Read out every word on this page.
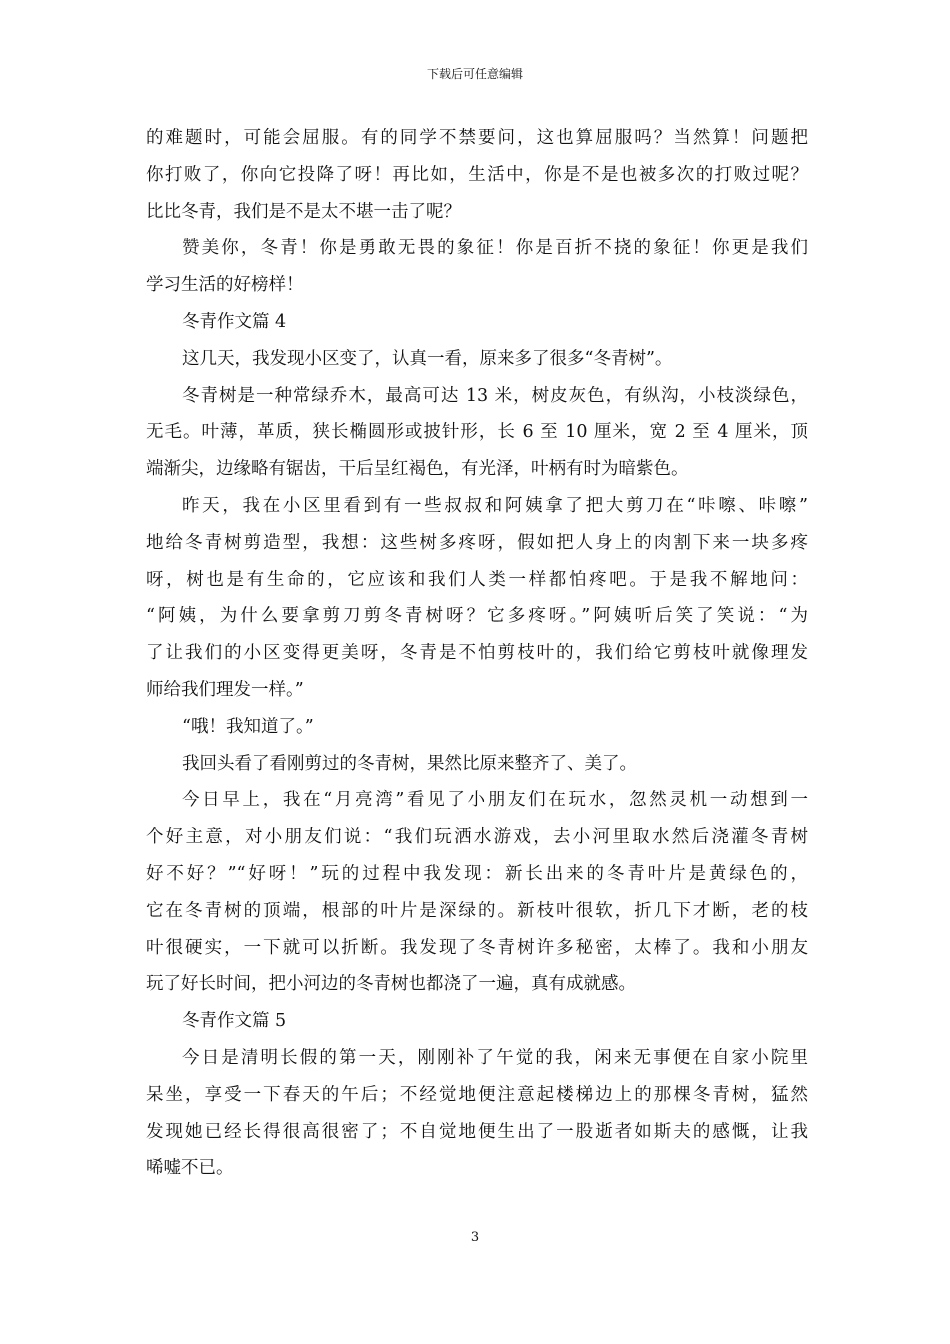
下载后可任意编辑
的难题时，可能会屈服。有的同学不禁要问，这也算屈服吗？当然算！问题把
你打败了，你向它投降了呀！再比如，生活中，你是不是也被多次的打败过呢？
比比冬青，我们是不是太不堪一击了呢？
赞美你，冬青！你是勇敢无畏的象征！你是百折不挠的象征！你更是我们
学习生活的好榜样！
冬青作文篇 4
这几天，我发现小区变了，认真一看，原来多了很多“冬青树”。
冬青树是一种常绿乔木，最高可达 13 米，树皮灰色，有纵沟，小枝淡绿色，
无毛。叶薄，革质，狭长椭圆形或披针形，长 6 至 10 厘米，宽 2 至 4 厘米，顶
端渐尖，边缘略有锯齿，干后呈红褐色，有光泽，叶柄有时为暗紫色。
昨天，我在小区里看到有一些叔叔和阿姨拿了把大剪刀在“咔嚓、咔嚓”
地给冬青树剪造型，我想：这些树多疼呀，假如把人身上的肉割下来一块多疼
呀，树也是有生命的，它应该和我们人类一样都怕疼吧。于是我不解地问：
“阿姨，为什么要拿剪刀剪冬青树呀？它多疼呀。”阿姨听后笑了笑说：“为
了让我们的小区变得更美呀，冬青是不怕剪枝叶的，我们给它剪枝叶就像理发
师给我们理发一样。”
“哦！我知道了。”
我回头看了看刚剪过的冬青树，果然比原来整齐了、美了。
今日早上，我在“月亮湾”看见了小朋友们在玩水，忽然灵机一动想到一
个好主意，对小朋友们说：“我们玩洒水游戏，去小河里取水然后浇灌冬青树
好不好？”“好呀！”玩的过程中我发现：新长出来的冬青叶片是黄绿色的，
它在冬青树的顶端，根部的叶片是深绿的。新枝叶很软，折几下才断，老的枝
叶很硬实，一下就可以折断。我发现了冬青树许多秘密，太棒了。我和小朋友
玩了好长时间，把小河边的冬青树也都浇了一遍，真有成就感。
冬青作文篇 5
今日是清明长假的第一天，刚刚补了午觉的我，闲来无事便在自家小院里
呆坐，享受一下春天的午后；不经觉地便注意起楼梯边上的那棵冬青树，猛然
发现她已经长得很高很密了；不自觉地便生出了一股逝者如斯夫的感慨，让我
唏嘘不已。
3
